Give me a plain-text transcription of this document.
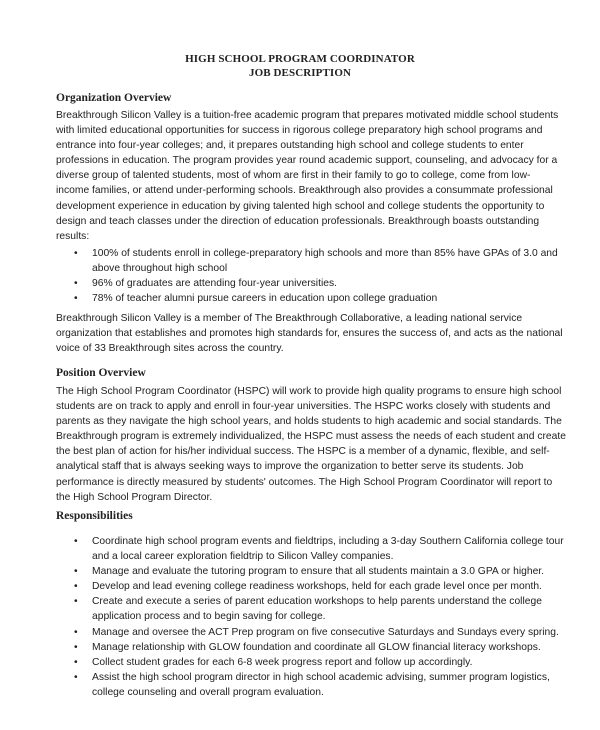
HIGH SCHOOL PROGRAM COORDINATOR
JOB DESCRIPTION
Organization Overview
Breakthrough Silicon Valley is a tuition-free academic program that prepares motivated middle school students
with limited educational opportunities for success in rigorous college preparatory high school programs and
entrance into four-year colleges; and, it prepares outstanding high school and college students to enter
professions in education. The program provides year round academic support, counseling, and advocacy for a
diverse group of talented students, most of whom are first in their family to go to college, come from low-
income families, or attend under-performing schools. Breakthrough also provides a consummate professional
development experience in education by giving talented high school and college students the opportunity to
design and teach classes under the direction of education professionals. Breakthrough boasts outstanding
results:
• 100% of students enroll in college-preparatory high schools and more than 85% have GPAs of 3.0 and
above throughout high school
• 96% of graduates are attending four-year universities.
• 78% of teacher alumni pursue careers in education upon college graduation
Breakthrough Silicon Valley is a member of The Breakthrough Collaborative, a leading national service
organization that establishes and promotes high standards for, ensures the success of, and acts as the national
voice of 33 Breakthrough sites across the country.
Position Overview
The High School Program Coordinator (HSPC) will work to provide high quality programs to ensure high school
students are on track to apply and enroll in four-year universities. The HSPC works closely with students and
parents as they navigate the high school years, and holds students to high academic and social standards. The
Breakthrough program is extremely individualized, the HSPC must assess the needs of each student and create
the best plan of action for his/her individual success. The HSPC is a member of a dynamic, flexible, and self-
analytical staff that is always seeking ways to improve the organization to better serve its students. Job
performance is directly measured by students' outcomes. The High School Program Coordinator will report to
the High School Program Director.
Responsibilities
• Coordinate high school program events and fieldtrips, including a 3-day Southern California college tour
and a local career exploration fieldtrip to Silicon Valley companies.
• Manage and evaluate the tutoring program to ensure that all students maintain a 3.0 GPA or higher.
• Develop and lead evening college readiness workshops, held for each grade level once per month.
• Create and execute a series of parent education workshops to help parents understand the college
application process and to begin saving for college.
• Manage and oversee the ACT Prep program on five consecutive Saturdays and Sundays every spring.
• Manage relationship with GLOW foundation and coordinate all GLOW financial literacy workshops.
• Collect student grades for each 6-8 week progress report and follow up accordingly.
• Assist the high school program director in high school academic advising, summer program logistics,
college counseling and overall program evaluation.
